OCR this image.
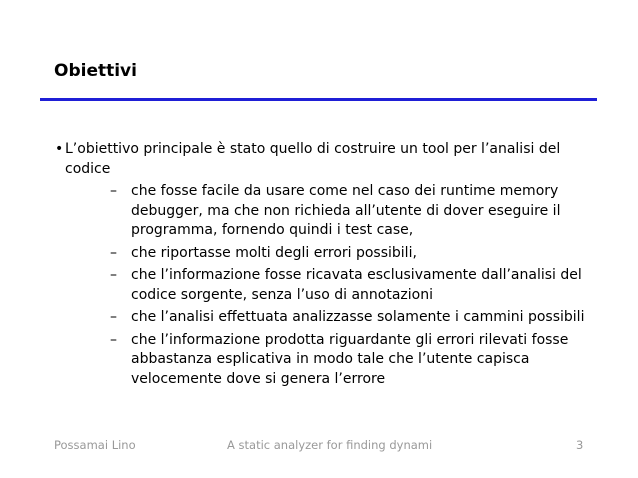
Obiettivi
• L’obiettivo principale è stato quello di costruire un tool per l’analisi del codice
– che fosse facile da usare come nel caso dei runtime memory debugger, ma che non richieda all’utente di dover eseguire il programma, fornendo quindi i test case,
– che riportasse molti degli errori possibili,
– che l’informazione fosse ricavata esclusivamente dall’analisi del codice sorgente, senza l’uso di annotazioni
– che l’analisi effettuata analizzasse solamente i cammini possibili
– che l’informazione prodotta riguardante gli errori rilevati fosse abbastanza esplicativa in modo tale che l’utente capisca velocemente dove si genera l’errore
Possamai Lino	A static analyzer for finding dynami	3
